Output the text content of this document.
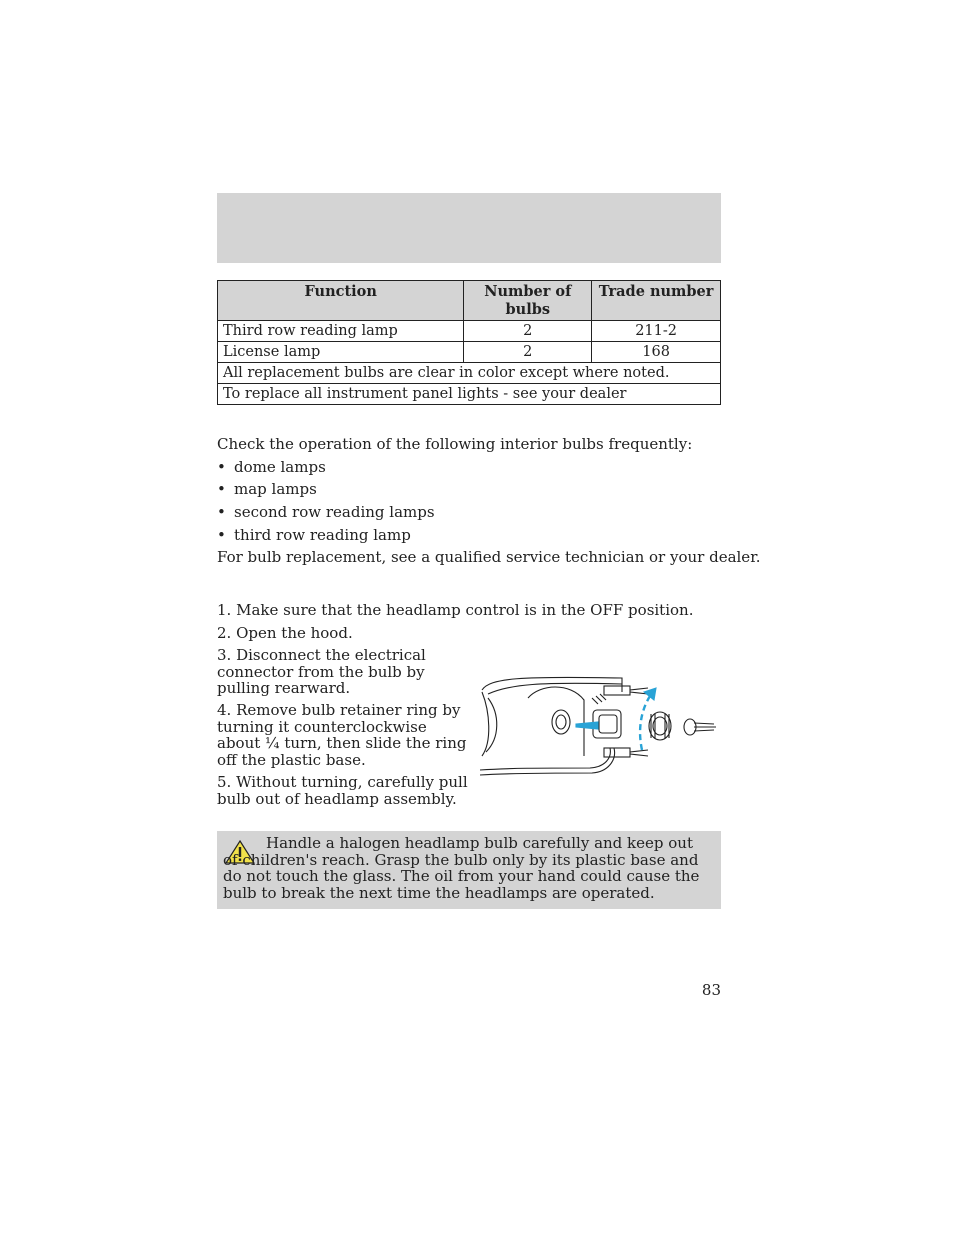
Function	Number of bulbs	Trade number
Third row reading lamp	2	211-2
License lamp	2	168
All replacement bulbs are clear in color except where noted.		
To replace all instrument panel lights - see your dealer		
Check the operation of the following interior bulbs frequently:
• dome lamps
• map lamps
• second row reading lamps
• third row reading lamp
For bulb replacement, see a qualified service technician or your dealer.
1. Make sure that the headlamp control is in the OFF position.
2. Open the hood.
3. Disconnect the electrical connector from the bulb by pulling rearward.
4. Remove bulb retainer ring by turning it counterclockwise about ¼ turn, then slide the ring off the plastic base.
5. Without turning, carefully pull bulb out of headlamp assembly.
Handle a halogen headlamp bulb carefully and keep out of children's reach. Grasp the bulb only by its plastic base and do not touch the glass. The oil from your hand could cause the bulb to break the next time the headlamps are operated.
83
